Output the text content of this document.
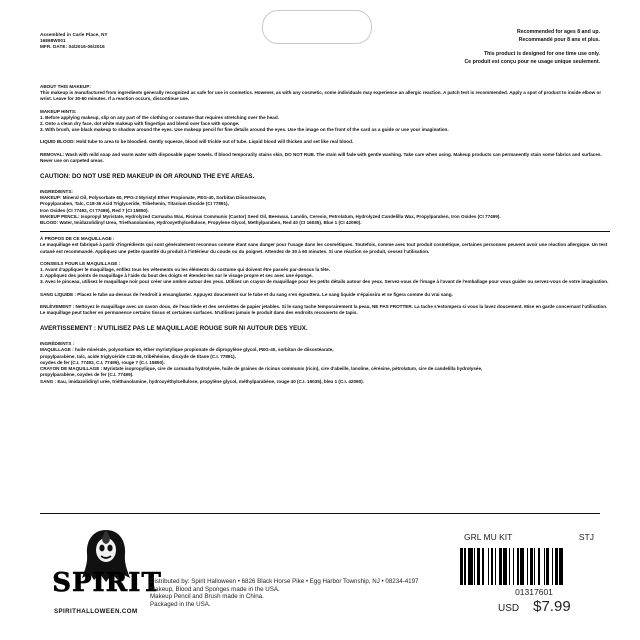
Assembled in Carle Place, NY
16868W001
MFR. DATE: 04/2016-06/2016
Recommended for ages 8 and up.
Recommandé pour 8 ans et plus.
This product is designed for one time use only.
Ce produit est conçu pour ne usage unique seulement.

ABOUT THIS MAKEUP:

This makeup is manufactured from ingredients generally recognized as safe for use in cosmetics. However, as with any cosmetic, some individuals may experience an allergic reaction. A patch test is recommended. Apply a spot of product to inside elbow or wrist. Leave for 30-60 minutes. If a reaction occurs, discontinue use.

MAKEUP HINTS:

1. Before applying makeup, slip on any part of the clothing or costume that requires stretching over the head.

2. Onto a clean dry face, dot white makeup with fingertips and blend over face with sponge.

3. With brush, use black makeup to shadow around the eyes. Use makeup pencil for fine details around the eyes. Use the image on the front of the card as a guide or use your imagination.

LIQUID BLOOD: Hold tube to area to be bloodied. Gently squeeze, blood will trickle out of tube. Liquid blood will thicken and set like real blood.

REMOVAL: Wash with mild soap and warm water with disposable paper towels. If blood temporarily stains skin, DO NOT RUB. The stain will fade with gentle washing. Take care when using. Makeup products can permanently stain some fabrics and surfaces. Never use on carpeted areas.

CAUTION: DO NOT USE RED MAKEUP IN OR AROUND THE EYE AREAS.

INGREDIENTS:

MAKEUP: Mineral Oil, Polysorbate 60, PPG-2 Myristyl Ether Propionate, PEG-40, Sorbitan Diisostearate,

Propylparaben, Talc, C18-36 Acid Triglyceride, Tribehenin, Titanium Dioxide (CI 77891),

Iron Oxides (CI 77492, CI 77499), Red 7 (CI 15850).

MAKEUP PENCIL: Isopropyl Myristate, Hydrolyzed Carnauba Wax, Ricinus Communis (Castor) Seed Oil, Beeswax, Lanolin, Ceresin, Petrolatum, Hydrolyzed Candelilla Wax, Propylparaben, Iron Oxides (CI 77499).

BLOOD: Water, Imidazolidinyl Urea, Triethanolamine, Hydroxyethylcellulose, Propylene Glycol, Methylparaben, Red 40 (CI 16035), Blue 1 (CI 42090).

À PROPOS DE CE MAQUILLAGE :

Le maquillage est fabriqué à partir d'ingrédients qui sont généralement reconnus comme étant sans danger pour l'usage dans les cosmétiques. Toutefois, comme avec tout produit cosmétique, certaines personnes peuvent avoir une réaction allergique. Un test cutané est recommandé. Appliquez une petite quantité du produit à l'intérieur du coude ou du poignet. Attendez de 30 à 60 minutes. Si une réaction se produit, cessez l'utilisation.

CONSEILS POUR LE MAQUILLAGE :

1. Avant d'appliquer le maquillage, enfilez tous les vêtements ou les éléments du costume qui doivent être passés par-dessus la tête.

2. Appliquez des points de maquillage à l'aide du bout des doigts et étendez-les sur le visage propre et sec avec une éponge.

3. Avec le pinceau, utilisez le maquillage noir pour créer une ombre autour des yeux. Utilisez un crayon de maquillage pour les petits détails autour des yeux. Servez-vous de l'image à l'avant de l'emballage pour vous guider ou servez-vous de votre imagination.

SANG LIQUIDE : Placez le tube au-dessus de l'endroit à ensanglanter. Appuyez doucement sur le tube et du sang s'en égouttera. Le sang liquide s'épaissira et se figera comme du vrai sang.

ENLÈVEMENT : Nettoyez le maquillage avec un savon doux, de l'eau tiède et des serviettes de papier jetables. Si le sang tache temporairement la peau, NE PAS FROTTER. La tache s'estompera si vous la lavez doucement. Mise en garde concernant l'utilisation. Le maquillage peut tacher en permanence certains tissus et certaines surfaces. N'utilisez jamais le produit dans des endroits recouverts de tapis.

AVERTISSEMENT : N'UTILISEZ PAS LE MAQUILLAGE ROUGE SUR NI AUTOUR DES YEUX.

INGRÉDIENTS :

MAQUILLAGE : huile minérale, polysorbate 60, éther myristylique propionate de dipropylène glycol, PEG-40, sorbitan de diisostéarate,

propylparabène, talc, acide triglycéride C18-36, tribéhénine, dioxyde de titane (C.I. 77891),

oxydes de fer (C.I. 77492, C.I. 77499), rouge 7 (C.I. 15850).

CRAYON DE MAQUILLAGE : Myristate isopropylique, cire de carnauba hydrolysée, huile de graines de ricinus communis (ricin), cire d'abeille, lanoline, cérésine, pétrolatum, cire de candelilla hydrolysée,

propylparabène, oxydes de fer (C.I. 77499).

SANG : Eau, imidazolidinyl urée, triéthanolamine, hydroxyéthylcellulose, propylène glycol, méthylparabène, rouge 40 (C.I. 16035), bleu 1 (C.I. 42090).

SPIRIT
SPIRITHALLOWEEN.COM
Distributed by: Spirit Halloween • 6826 Black Horse Pike • Egg Harbor Township, NJ • 08234-4197
Makeup, Blood and Sponges made in the USA.
Makeup Pencil and Brush made in China.
Packaged in the USA.
GRL MU KIT	STJ
01317601
USD $7.99
